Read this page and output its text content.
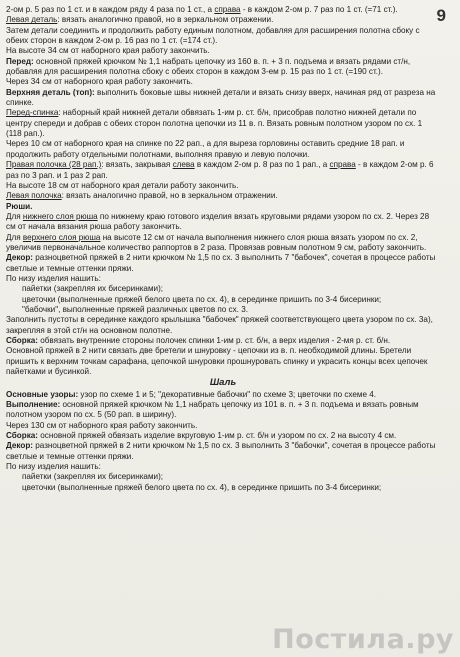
9

2-ом р. 5 раз по 1 ст. и в каждом ряду 4 раза по 1 ст., а справа - в каждом 2-ом р. 7 раз по 1 ст. (=71 ст.).

Левая деталь: вязать аналогично правой, но в зеркальном отражении.

Затем детали соединить и продолжить работу единым полотном, добавляя для расширения полотна сбоку с обеих сторон в каждом 2-ом р. 16 раз по 1 ст. (=174 ст.).

На высоте 34 см от наборного края работу закончить.

Перед: основной пряжей крючком № 1,1 набрать цепочку из 160 в. п. + 3 п. подъема и вязать рядами ст/н, добавляя для расширения полотна сбоку с обеих сторон в каждом 3-ем р. 15 раз по 1 ст. (=190 ст.).

Через 34 см от наборного края работу закончить.

Верхняя деталь (топ): выполнить боковые швы нижней детали и вязать снизу вверх, начиная ряд от разреза на спинке.

Перед-спинка: наборный край нижней детали обвязать 1-им р. ст. б/н, присобрав полотно нижней детали по центру спереди и добрав с обеих сторон полотна цепочки из 11 в. п. Вязать ровным полотном узором по сх. 1 (118 рап.).

Через 10 см от наборного края на спинке по 22 рап., а для выреза горловины оставить средние 18 рап. и продолжить работу отдельными полотнами, выполняя правую и левую полочки.

Правая полочка (28 рап.): вязать, закрывая слева в каждом 2-ом р. 8 раз по 1 рап., а справа - в каждом 2-ом р. 6 раз по 3 рап. и 1 раз 2 рап.

На высоте 18 см от наборного края детали работу закончить.

Левая полочка: вязать аналогично правой, но в зеркальном отражении.

Рюши.

Для нижнего слоя рюша по нижнему краю готового изделия вязать круговыми рядами узором по сх. 2. Через 28 см от начала вязания рюша работу закончить.

Для верхнего слоя рюша на высоте 12 см от начала выполнения нижнего слоя рюша вязать узором по сх. 2, увеличив первоначальное количество раппортов в 2 раза. Провязав ровным полотном 9 см, работу закончить.

Декор: разноцветной пряжей в 2 нити крючком № 1,5 по сх. 3 выполнить 7 "бабочек", сочетая в процессе работы светлые и темные оттенки пряжи.

По низу изделия нашить:

пайетки (закрепляя их бисеринками);

цветочки (выполненные пряжей белого цвета по сх. 4), в серединке пришить по 3-4 бисеринки;

"бабочки", выполненные пряжей различных цветов по сх. 3.

Заполнить пустоты в серединке каждого крылышка "бабочек" пряжей соответствующего цвета узором по сх. 3а), закрепляя в этой ст/н на основном полотне.

Сборка: обвязать внутренние стороны полочек спинки 1-им р. ст. б/н, а верх изделия - 2-мя р. ст. б/н.

Основной пряжей в 2 нити связать две бретели и шнуровку - цепочки из в. п. необходимой длины. Бретели пришить к верхним точкам сарафана, цепочкой шнуровки прошнуровать спинку и украсить концы всех цепочек пайетками и бусинкой.

Шаль

Основные узоры: узор по схеме 1 и 5; "декоративные бабочки" по схеме 3; цветочки по схеме 4.

Выполнение: основной пряжей крючком № 1,1 набрать цепочку из 101 в. п. + 3 п. подъема и вязать ровным полотном узором по сх. 5 (50 рап. в ширину).

Через 130 см от наборного края работу закончить.

Сборка: основной пряжей обвязать изделие вкруговую 1-им р. ст. б/н и узором по сх. 2 на высоту 4 см.

Декор: разноцветной пряжей в 2 нити крючком № 1,5 по сх. 3 выполнить 3 "бабочки", сочетая в процессе работы светлые и темные оттенки пряжи.

По низу изделия нашить:

пайетки (закрепляя их бисеринками);

цветочки (выполненные пряжей белого цвета по сх. 4), в серединке пришить по 3-4 бисеринки;

Постила.ру
